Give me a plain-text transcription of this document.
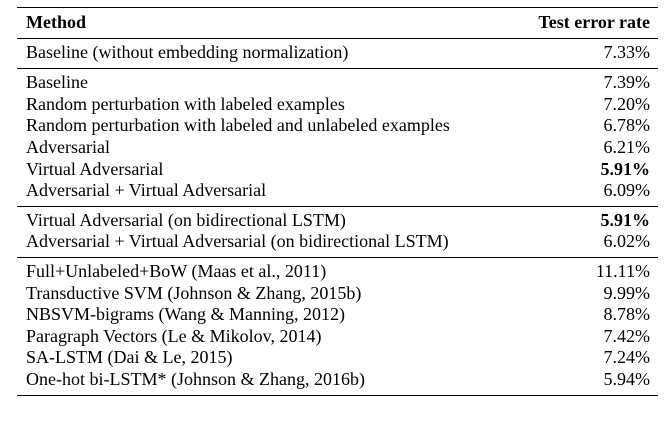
Method	Test error rate
Baseline (without embedding normalization)	7.33%
Baseline	7.39%
Random perturbation with labeled examples	7.20%
Random perturbation with labeled and unlabeled examples	6.78%
Adversarial	6.21%
Virtual Adversarial	5.91%
Adversarial + Virtual Adversarial	6.09%
Virtual Adversarial (on bidirectional LSTM)	5.91%
Adversarial + Virtual Adversarial (on bidirectional LSTM)	6.02%
Full+Unlabeled+BoW (Maas et al., 2011)	11.11%
Transductive SVM (Johnson & Zhang, 2015b)	9.99%
NBSVM-bigrams (Wang & Manning, 2012)	8.78%
Paragraph Vectors (Le & Mikolov, 2014)	7.42%
SA-LSTM (Dai & Le, 2015)	7.24%
One-hot bi-LSTM* (Johnson & Zhang, 2016b)	5.94%
